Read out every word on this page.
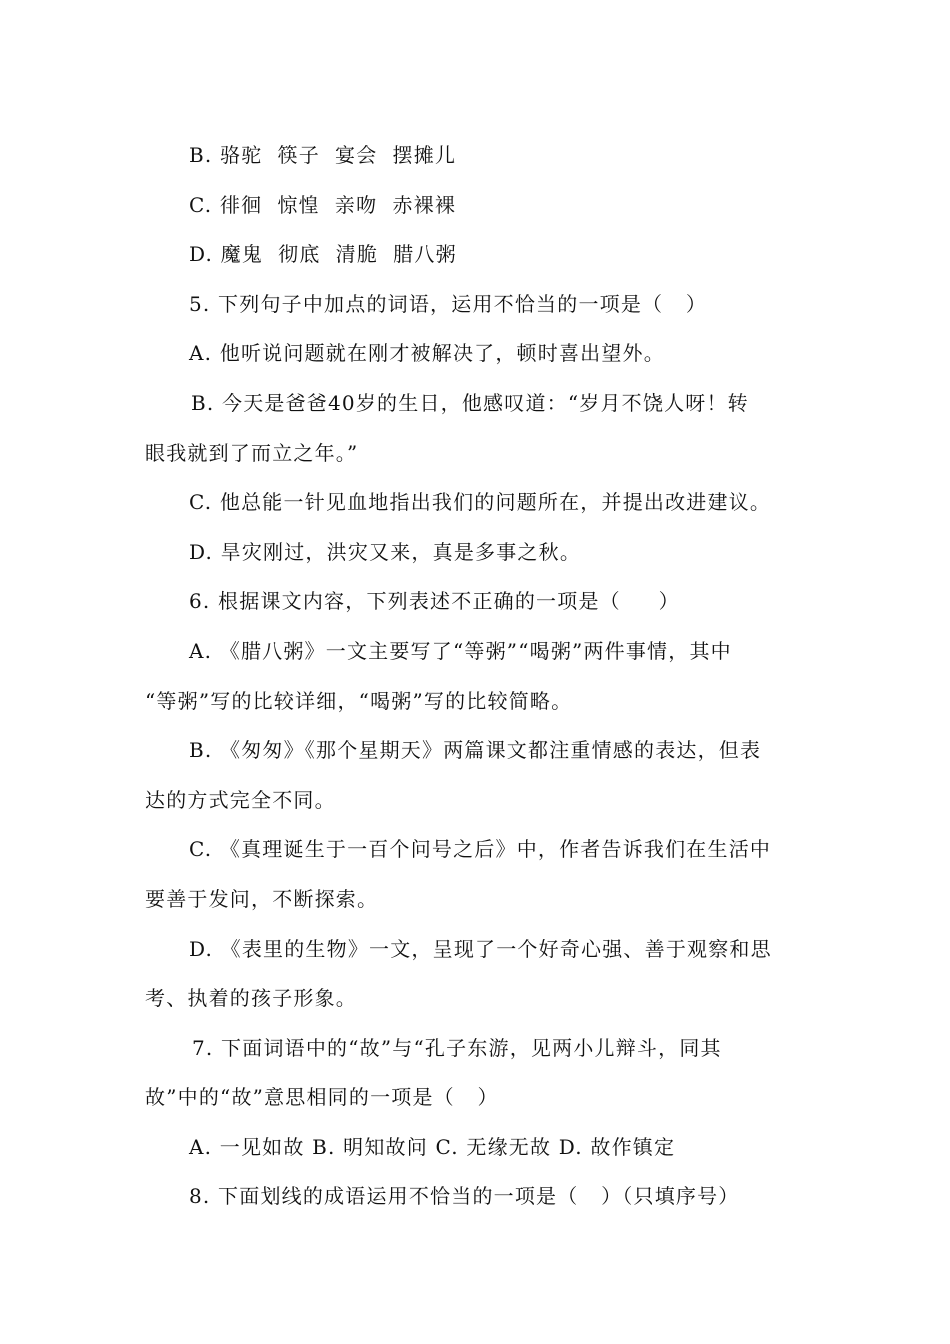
B. 骆驼  筷子  宴会  摆摊儿

C. 徘徊  惊惶  亲吻  赤裸裸

D. 魔鬼  彻底  清脆  腊八粥

5. 下列句子中加点的词语，运用不恰当的一项是（   ）

A. 他听说问题就在刚才被解决了，顿时喜出望外。

B. 今天是爸爸40岁的生日，他感叹道：“岁月不饶人呀！转

眼我就到了而立之年。”

C. 他总能一针见血地指出我们的问题所在，并提出改进建议。

D. 旱灾刚过，洪灾又来，真是多事之秋。

6. 根据课文内容，下列表述不正确的一项是（     ）

A. 《腊八粥》一文主要写了“等粥”“喝粥”两件事情，其中

“等粥”写的比较详细，“喝粥”写的比较简略。

B. 《匆匆》《那个星期天》两篇课文都注重情感的表达，但表

达的方式完全不同。

C. 《真理诞生于一百个问号之后》中，作者告诉我们在生活中

要善于发问，不断探索。

D. 《表里的生物》一文，呈现了一个好奇心强、善于观察和思

考、执着的孩子形象。

7. 下面词语中的“故”与“孔子东游，见两小儿辩斗，同其

故”中的“故”意思相同的一项是（   ）

A. 一见如故 B. 明知故问 C. 无缘无故 D. 故作镇定

8. 下面划线的成语运用不恰当的一项是（   ）（只填序号）
